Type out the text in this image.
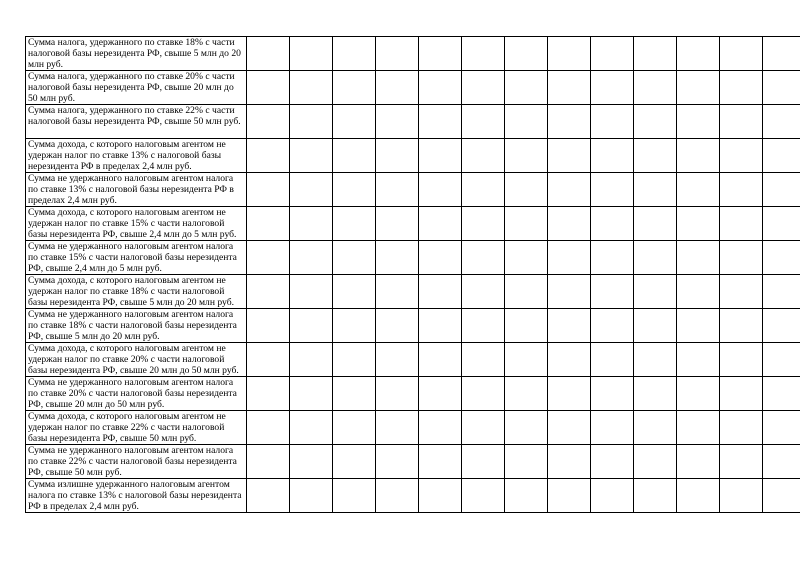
Сумма налога, удержанного по ставке 18% с части налоговой базы нерезидента РФ, свыше 5 млн до 20 млн руб.													
Сумма налога, удержанного по ставке 20% с части налоговой базы нерезидента РФ, свыше 20 млн до 50 млн руб.													
Сумма налога, удержанного по ставке 22% с части налоговой базы нерезидента РФ, свыше 50 млн руб.													
Сумма дохода, с которого налоговым агентом не удержан налог по ставке 13% с налоговой базы нерезидента РФ в пределах 2,4 млн руб.													
Сумма не удержанного налоговым агентом налога по ставке 13% с налоговой базы нерезидента РФ в пределах 2,4 млн руб.													
Сумма дохода, с которого налоговым агентом не удержан налог по ставке 15% с части налоговой базы нерезидента РФ, свыше 2,4 млн до 5 млн руб.													
Сумма не удержанного налоговым агентом налога по ставке 15% с части налоговой базы нерезидента РФ, свыше 2,4 млн до 5 млн руб.													
Сумма дохода, с которого налоговым агентом не удержан налог по ставке 18% с части налоговой базы нерезидента РФ, свыше 5 млн до 20 млн руб.													
Сумма не удержанного налоговым агентом налога по ставке 18% с части налоговой базы нерезидента РФ, свыше 5 млн до 20 млн руб.													
Сумма дохода, с которого налоговым агентом не удержан налог по ставке 20% с части налоговой базы нерезидента РФ, свыше 20 млн до 50 млн руб.													
Сумма не удержанного налоговым агентом налога по ставке 20% с части налоговой базы нерезидента РФ, свыше 20 млн до 50 млн руб.													
Сумма дохода, с которого налоговым агентом не удержан налог по ставке 22% с части налоговой базы нерезидента РФ, свыше 50 млн руб.													
Сумма не удержанного налоговым агентом налога по ставке 22% с части налоговой базы нерезидента РФ, свыше 50 млн руб.													
Сумма излишне удержанного налоговым агентом налога по ставке 13% с налоговой базы нерезидента РФ в пределах 2,4 млн руб.													
